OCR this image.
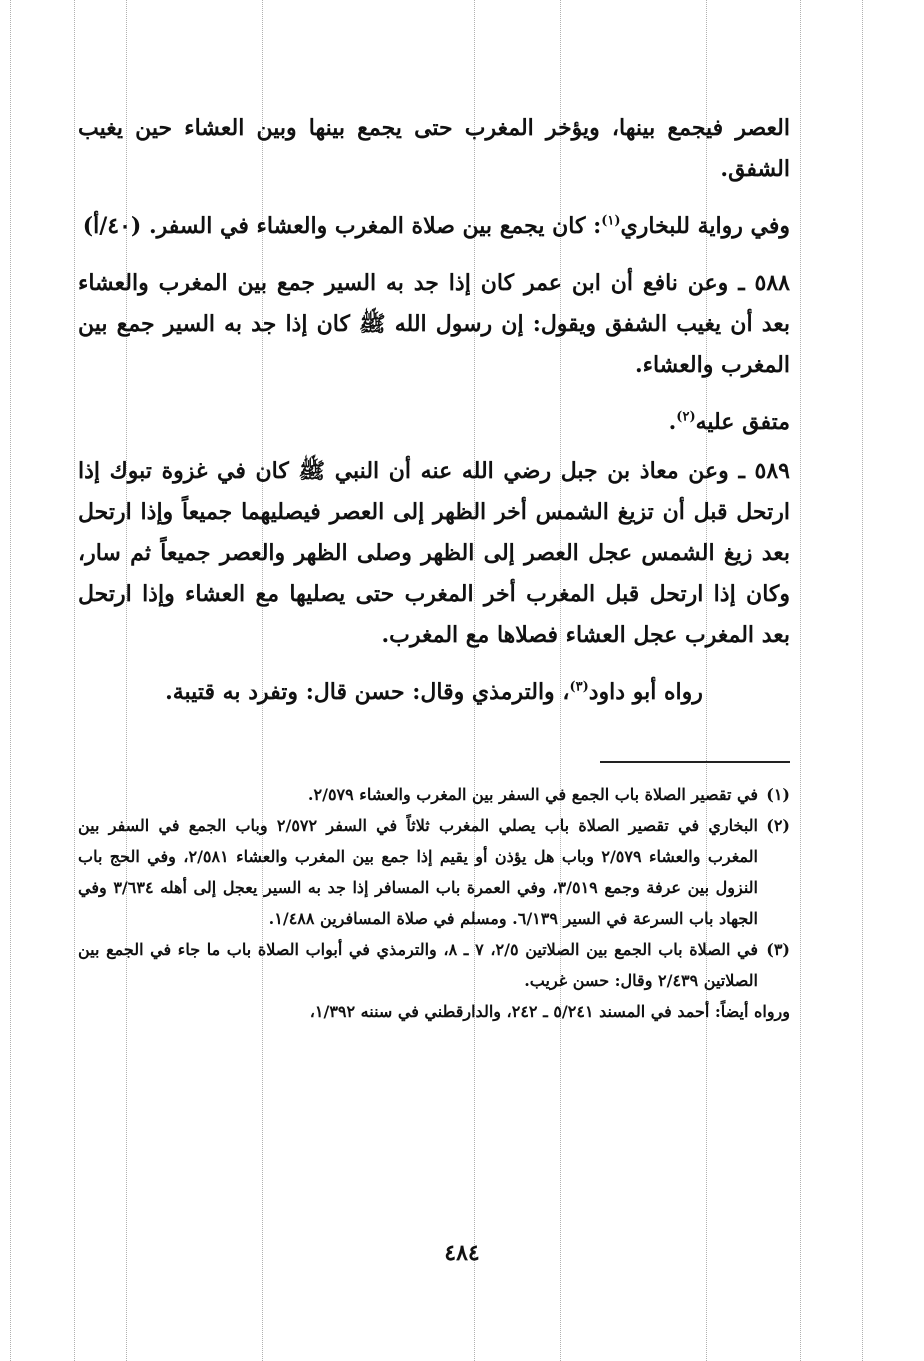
العصر فيجمع بينها، ويؤخر المغرب حتى يجمع بينها وبين العشاء حين يغيب الشفق.

وفي رواية للبخاري$^{(١)}$: كان يجمع بين صلاة المغرب والعشاء في السفر. (٤٠/أ)

٥٨٨ ـ وعن نافع أن ابن عمر كان إذا جد به السير جمع بين المغرب والعشاء بعد أن يغيب الشفق ويقول: إن رسول الله ﷺ كان إذا جد به السير جمع بين المغرب والعشاء.

متفق عليه$^{(٢)}$.

٥٨٩ ـ وعن معاذ بن جبل رضي الله عنه أن النبي ﷺ كان في غزوة تبوك إذا ارتحل قبل أن تزيغ الشمس أخر الظهر إلى العصر فيصليهما جميعاً وإذا ارتحل بعد زيغ الشمس عجل العصر إلى الظهر وصلى الظهر والعصر جميعاً ثم سار، وكان إذا ارتحل قبل المغرب أخر المغرب حتى يصليها مع العشاء وإذا ارتحل بعد المغرب عجل العشاء فصلاها مع المغرب.

رواه أبو داود$^{(٣)}$، والترمذي وقال: حسن قال: وتفرد به قتيبة.

(١)
في تقصير الصلاة باب الجمع في السفر بين المغرب والعشاء ٢/٥٧٩.

(٢)
البخاري في تقصير الصلاة باب يصلي المغرب ثلاثاً في السفر ٢/٥٧٢ وباب الجمع في السفر بين المغرب والعشاء ٢/٥٧٩ وباب هل يؤذن أو يقيم إذا جمع بين المغرب والعشاء ٢/٥٨١، وفي الحج باب النزول بين عرفة وجمع ٣/٥١٩، وفي العمرة باب المسافر إذا جد به السير يعجل إلى أهله ٣/٦٣٤ وفي الجهاد باب السرعة في السير ٦/١٣٩. ومسلم في صلاة المسافرين ١/٤٨٨.

(٣)
في الصلاة باب الجمع بين الصلاتين ٢/٥، ٧ ـ ٨، والترمذي في أبواب الصلاة باب ما جاء في الجمع بين الصلاتين ٢/٤٣٩ وقال: حسن غريب.

ورواه أيضاً: أحمد في المسند ٥/٢٤١ ـ ٢٤٢، والدارقطني في سننه ١/٣٩٢،

٤٨٤
